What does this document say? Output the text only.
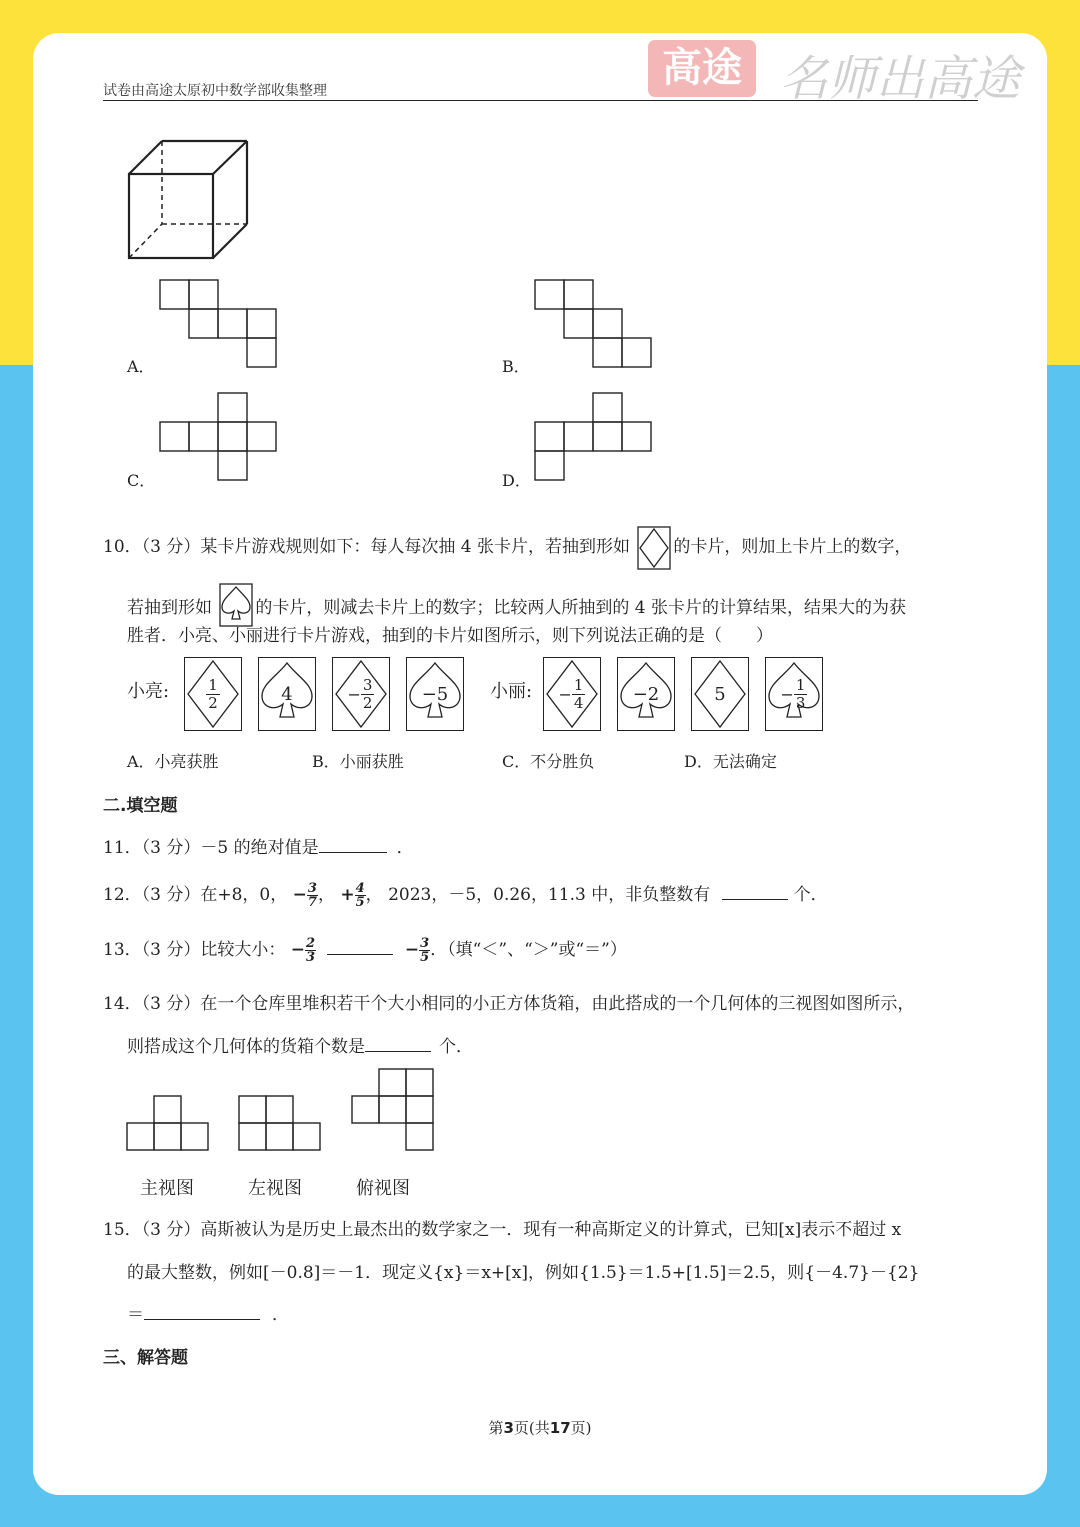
试卷由高途太原初中数学部收集整理	高途 名师出高途
A．	B．
C．	D．
10．（3 分）某卡片游戏规则如下：每人每次抽 4 张卡片，若抽到形如	的卡片，则加上卡片上的数字，
若抽到形如	的卡片，则减去卡片上的数字；比较两人所抽到的 4 张卡片的计算结果，结果大的为获
胜者．小亮、小丽进行卡片游戏，抽到的卡片如图所示，则下列说法正确的是（　　）
小亮:	小丽:
A．小亮获胜	B．小丽获胜	C．不分胜负	D．无法确定
二.填空题
11．（3 分）－5 的绝对值是	．
12．（3 分）在+8，0， − $\frac{3}{7}$ ， + $\frac{4}{5}$ ， 2023，－5，0.26，11.3 中，非负整数有	个．
13．（3 分）比较大小： − $\frac{2}{3}$	− $\frac{3}{5}$ ．（填“＜”、“＞”或“＝”）
14．（3 分）在一个仓库里堆积若干个大小相同的小正方体货箱，由此搭成的一个几何体的三视图如图所示，
则搭成这个几何体的货箱个数是	个．
主视图	左视图	俯视图
15．（3 分）高斯被认为是历史上最杰出的数学家之一．现有一种高斯定义的计算式，已知[x]表示不超过 x
的最大整数，例如[－0.8]＝－1．现定义{x}＝x+[x]，例如{1.5}＝1.5+[1.5]＝2.5，则{－4.7}－{2}
＝	．
三、解答题
第3页(共17页)
$\frac{1}{2}$	4	− $\frac{3}{2}$	−5	− $\frac{1}{4}$	−2	5	− $\frac{1}{3}$
